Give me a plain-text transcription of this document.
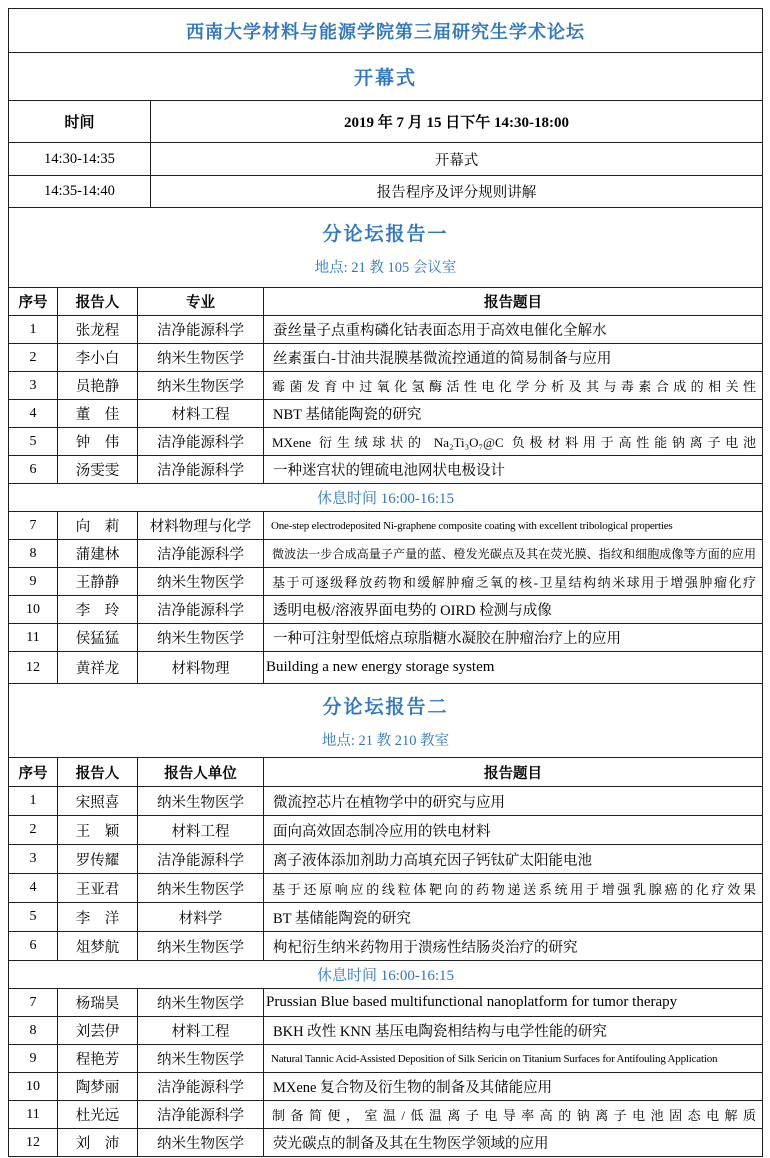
西南大学材料与能源学院第三届研究生学术论坛	
开幕式	
时间	2019 年 7 月 15 日下午 14:30-18:00
14:30-14:35	开幕式
14:35-14:40	报告程序及评分规则讲解
分论坛报告一
地点: 21 教 105 会议室			

序号	报告人	专业	报告题目
1	张龙程	洁净能源科学	蚕丝量子点重构磷化钴表面态用于高效电催化全解水
2	李小白	纳米生物医学	丝素蛋白-甘油共混膜基微流控通道的简易制备与应用
3	员艳静	纳米生物医学	霉菌发育中过氧化氢酶活性电化学分析及其与毒素合成的相关性
4	董　佳	材料工程	NBT 基储能陶瓷的研究
5	钟　伟	洁净能源科学	MXene 衍生绒球状的 Na₂Ti₃O₇@C 负极材料用于高性能钠离子电池
6	汤雯雯	洁净能源科学	一种迷宫状的锂硫电池网状电极设计
休息时间 16:00-16:15			
7	向　莉	材料物理与化学	One-step electrodeposited Ni-graphene composite coating with excellent tribological properties
8	蒲建林	洁净能源科学	微波法一步合成高量子产量的蓝、橙发光碳点及其在荧光膜、指纹和细胞成像等方面的应用
9	王静静	纳米生物医学	基于可逐级释放药物和缓解肿瘤乏氧的核-卫星结构纳米球用于增强肿瘤化疗
10	李　玲	洁净能源科学	透明电极/溶液界面电势的 OIRD 检测与成像
11	侯猛猛	纳米生物医学	一种可注射型低熔点琼脂糖水凝胶在肿瘤治疗上的应用
12	黄祥龙	材料物理	Building a new energy storage system
分论坛报告二
地点: 21 教 210 教室			

序号	报告人	报告人单位	报告题目
1	宋照喜	纳米生物医学	微流控芯片在植物学中的研究与应用
2	王　颖	材料工程	面向高效固态制冷应用的铁电材料
3	罗传耀	洁净能源科学	离子液体添加剂助力高填充因子钙钛矿太阳能电池
4	王亚君	纳米生物医学	基于还原响应的线粒体靶向的药物递送系统用于增强乳腺癌的化疗效果
5	李　洋	材料学	BT 基储能陶瓷的研究
6	俎梦航	纳米生物医学	枸杞衍生纳米药物用于溃疡性结肠炎治疗的研究
休息时间 16:00-16:15			
7	杨瑞昊	纳米生物医学	Prussian Blue based multifunctional nanoplatform for tumor therapy
8	刘芸伊	材料工程	BKH 改性 KNN 基压电陶瓷相结构与电学性能的研究
9	程艳芳	纳米生物医学	Natural Tannic Acid-Assisted Deposition of Silk Sericin on Titanium Surfaces for Antifouling Application
10	陶梦丽	洁净能源科学	MXene 复合物及衍生物的制备及其储能应用
11	杜光远	洁净能源科学	制备简便，室温/低温离子电导率高的钠离子电池固态电解质
12	刘　沛	纳米生物医学	荧光碳点的制备及其在生物医学领域的应用
